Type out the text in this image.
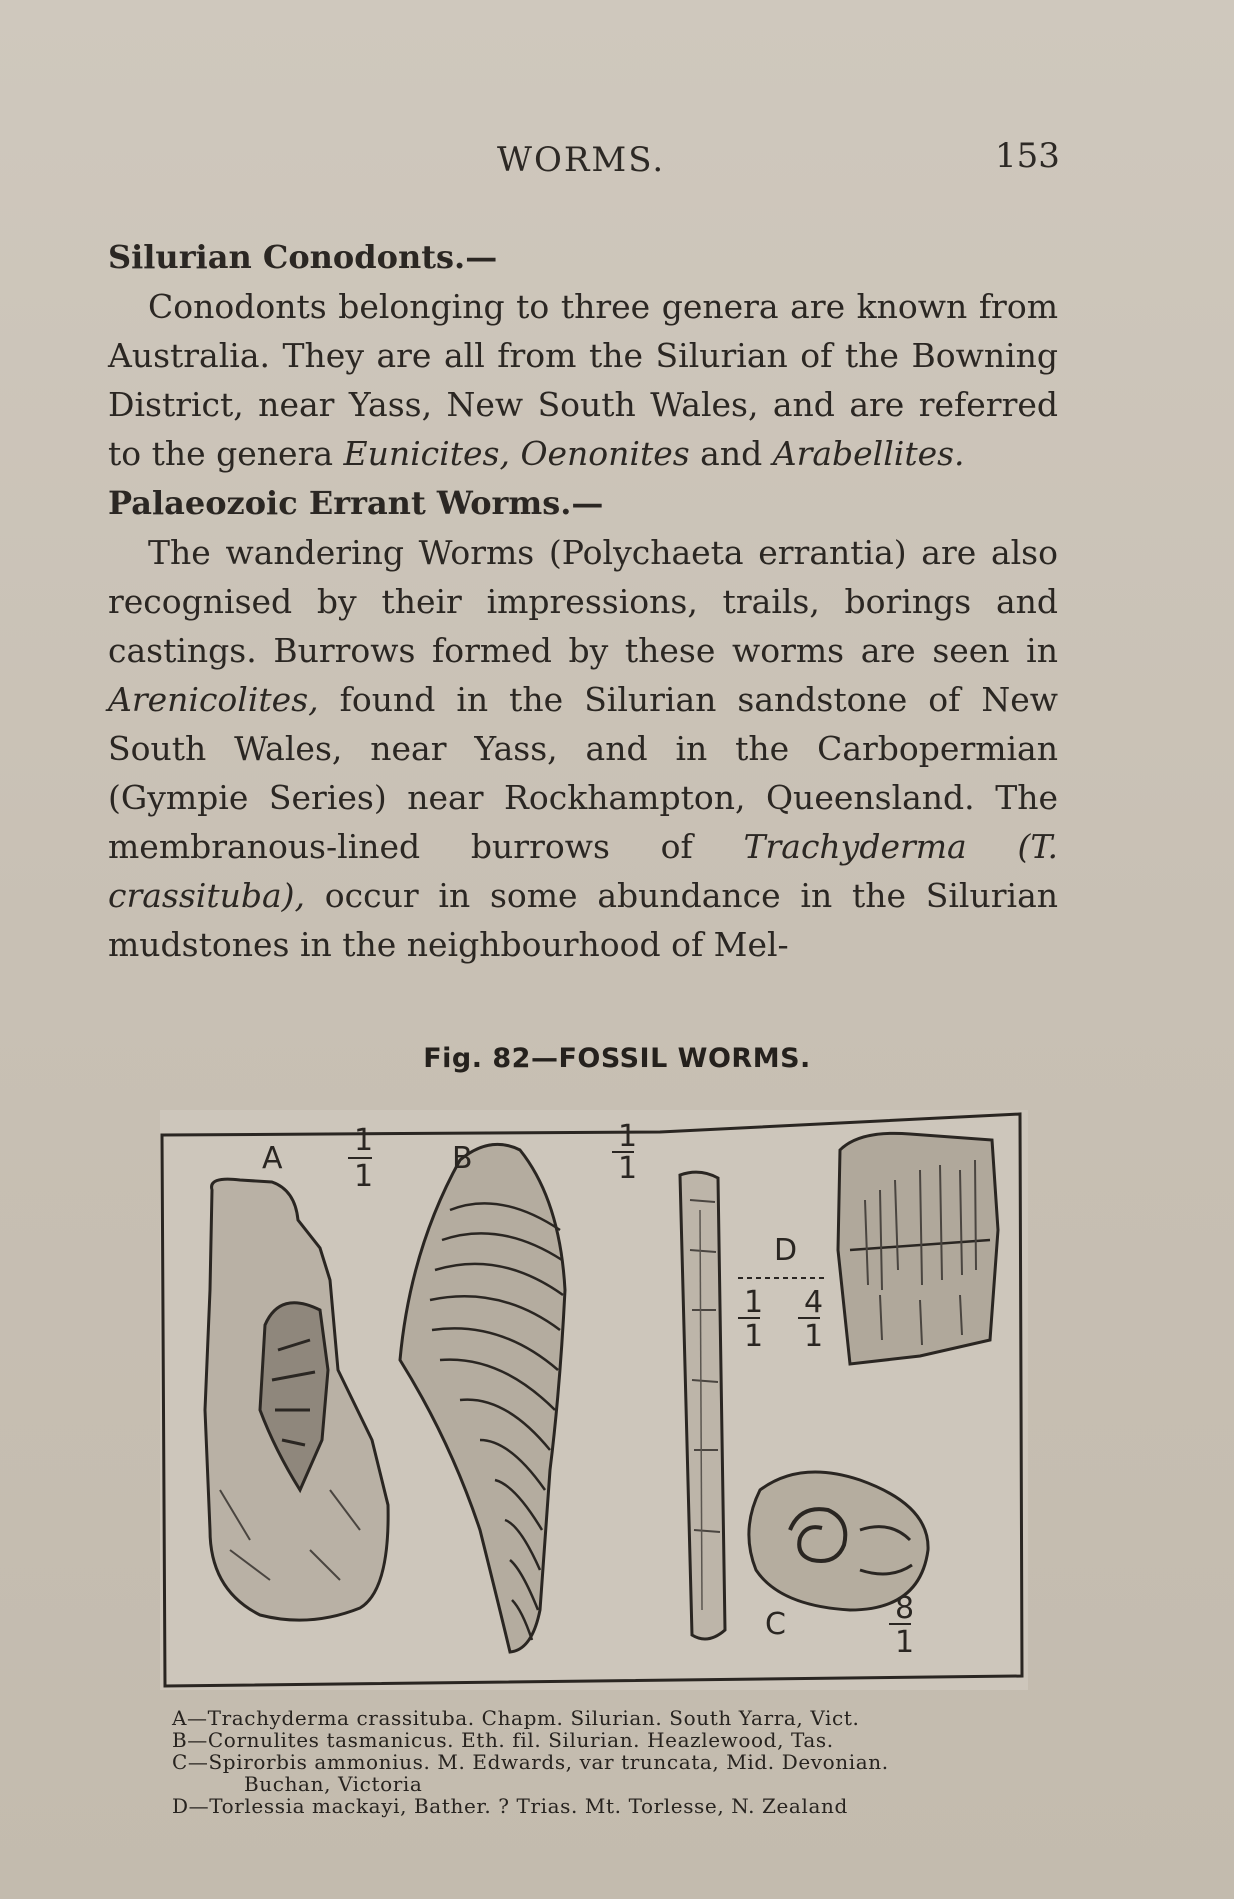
WORMS.	153

Silurian Conodonts.—

Conodonts belonging to three genera are known from Australia. They are all from the Silurian of the Bowning District, near Yass, New South Wales, and are referred to the genera Eunicites, Oenonites and Arabellites.

Palaeozoic Errant Worms.—

The wandering Worms (Polychaeta errantia) are also recognised by their impressions, trails, borings and castings. Burrows formed by these worms are seen in Arenicolites, found in the Silurian sandstone of New South Wales, near Yass, and in the Carbopermian (Gympie Series) near Rockhampton, Queensland. The membranous-lined burrows of Trachyderma (T. crassituba), occur in some abundance in the Silurian mudstones in the neighbourhood of Mel-

Fig. 82—FOSSIL WORMS.
A
1
1
B
1
1
D
1
1
4
1
C	8
1
A—Trachyderma crassituba. Chapm. Silurian. South Yarra, Vict.
B—Cornulites tasmanicus. Eth. fil. Silurian. Heazlewood, Tas.
C—Spirorbis ammonius. M. Edwards, var truncata, Mid. Devonian.
Buchan, Victoria
D—Torlessia mackayi, Bather. ? Trias. Mt. Torlesse, N. Zealand
